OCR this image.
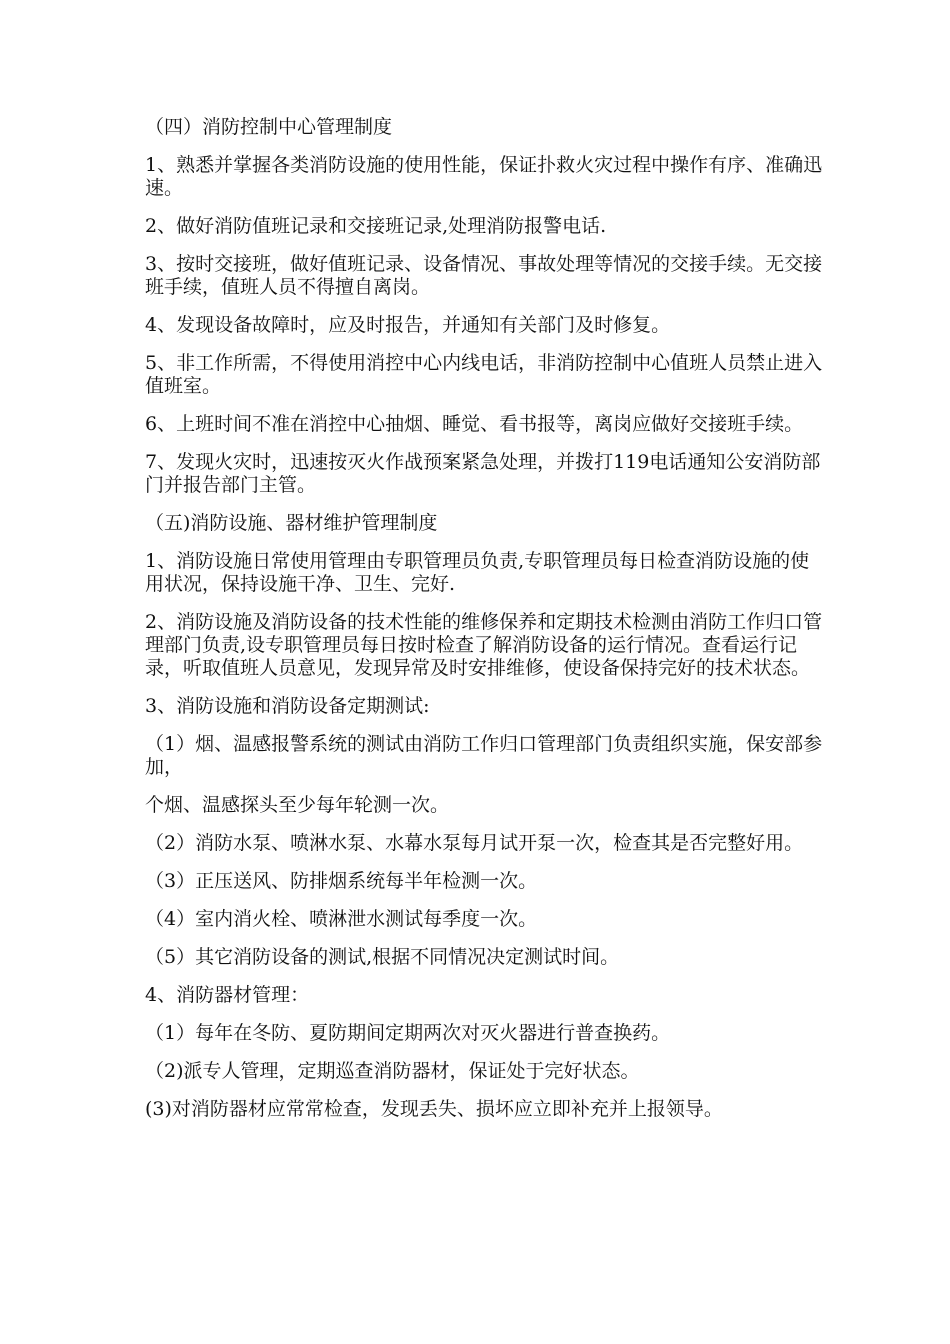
（四）消防控制中心管理制度

1、熟悉并掌握各类消防设施的使用性能，保证扑救火灾过程中操作有序、准确迅速。

2、做好消防值班记录和交接班记录,处理消防报警电话.

3、按时交接班，做好值班记录、设备情况、事故处理等情况的交接手续。无交接班手续，值班人员不得擅自离岗。

4、发现设备故障时，应及时报告，并通知有关部门及时修复。

5、非工作所需，不得使用消控中心内线电话，非消防控制中心值班人员禁止进入值班室。

6、上班时间不准在消控中心抽烟、睡觉、看书报等，离岗应做好交接班手续。

7、发现火灾时，迅速按灭火作战预案紧急处理，并拨打119电话通知公安消防部门并报告部门主管。

（五)消防设施、器材维护管理制度

1、消防设施日常使用管理由专职管理员负责,专职管理员每日检查消防设施的使用状况，保持设施干净、卫生、完好.

2、消防设施及消防设备的技术性能的维修保养和定期技术检测由消防工作归口管理部门负责,设专职管理员每日按时检查了解消防设备的运行情况。查看运行记录，听取值班人员意见，发现异常及时安排维修，使设备保持完好的技术状态。

3、消防设施和消防设备定期测试:

（1）烟、温感报警系统的测试由消防工作归口管理部门负责组织实施，保安部参加，

个烟、温感探头至少每年轮测一次。

（2）消防水泵、喷淋水泵、水幕水泵每月试开泵一次，检查其是否完整好用。

（3）正压送风、防排烟系统每半年检测一次。

（4）室内消火栓、喷淋泄水测试每季度一次。

（5）其它消防设备的测试,根据不同情况决定测试时间。

4、消防器材管理：

（1）每年在冬防、夏防期间定期两次对灭火器进行普查换药。

（2)派专人管理，定期巡查消防器材，保证处于完好状态。

(3)对消防器材应常常检查，发现丢失、损坏应立即补充并上报领导。
